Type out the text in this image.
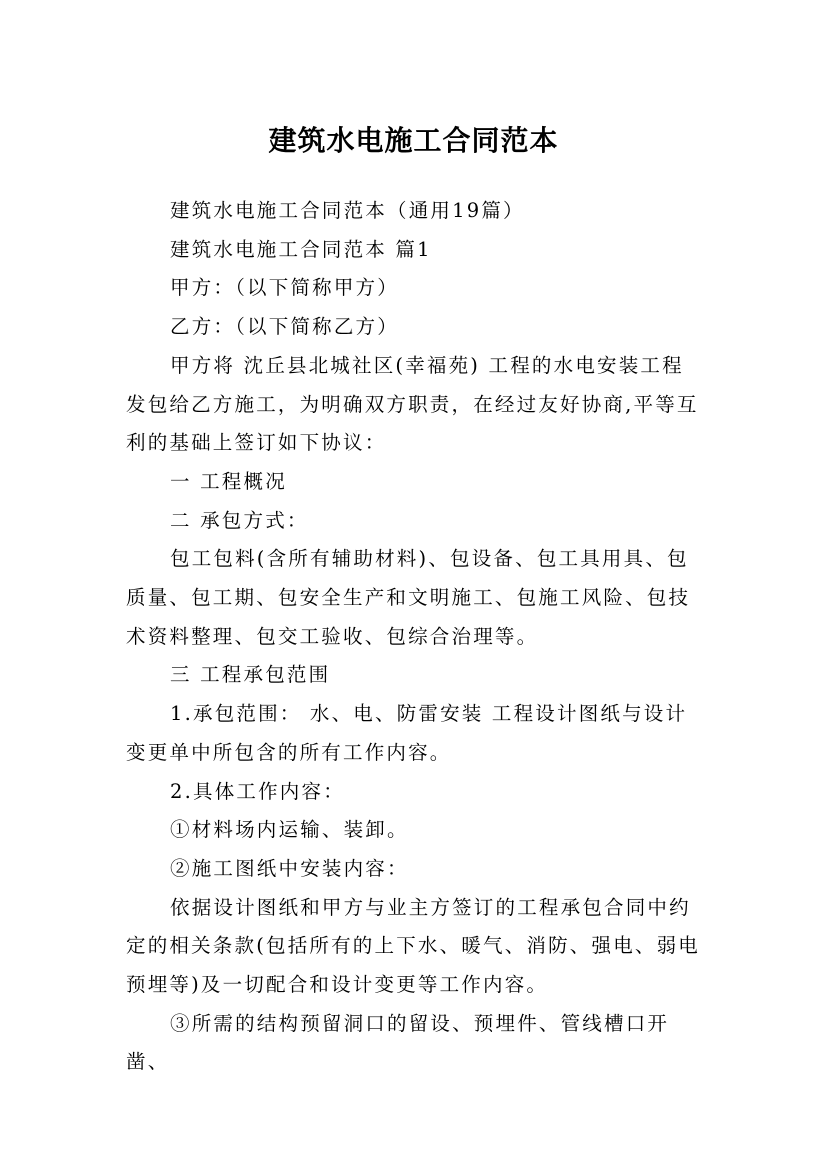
建筑水电施工合同范本

建筑水电施工合同范本（通用19篇）

建筑水电施工合同范本 篇1

甲方：（以下简称甲方）

乙方：（以下简称乙方）

甲方将 沈丘县北城社区(幸福苑) 工程的水电安装工程发包给乙方施工，为明确双方职责，在经过友好协商,平等互利的基础上签订如下协议：

一 工程概况

二 承包方式：

包工包料(含所有辅助材料)、包设备、包工具用具、包质量、包工期、包安全生产和文明施工、包施工风险、包技术资料整理、包交工验收、包综合治理等。

三 工程承包范围

1.承包范围： 水、电、防雷安装 工程设计图纸与设计变更单中所包含的所有工作内容。

2.具体工作内容：

①材料场内运输、装卸。

②施工图纸中安装内容：

依据设计图纸和甲方与业主方签订的工程承包合同中约定的相关条款(包括所有的上下水、暖气、消防、强电、弱电预埋等)及一切配合和设计变更等工作内容。

③所需的结构预留洞口的留设、预埋件、管线槽口开凿、
